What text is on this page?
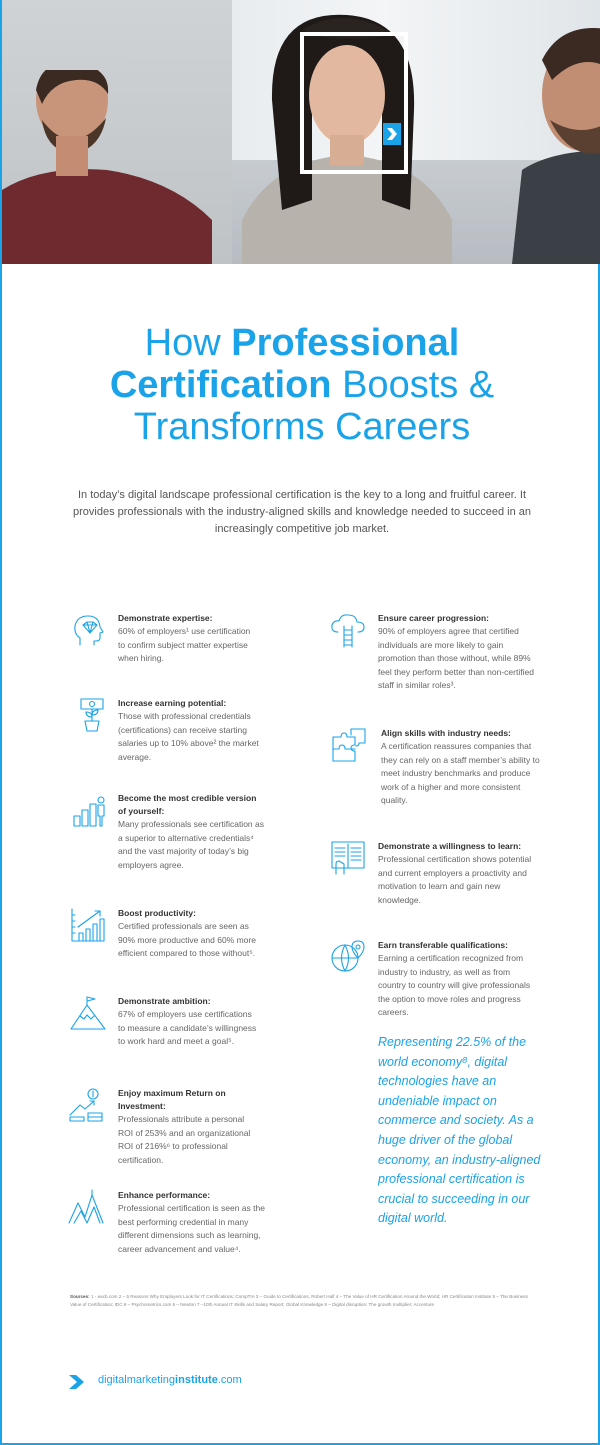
How Professional
Certification Boosts &
Transforms Careers
In today’s digital landscape professional certification is the key to a long and fruitful career. It provides professionals with the industry-aligned skills and knowledge needed to succeed in an increasingly competitive job market.
Demonstrate expertise:

60% of employers¹ use certification to confirm subject matter expertise when hiring.

Increase earning potential:

Those with professional credentials (certifications) can receive starting salaries up to 10% above² the market average.

Become the most credible version of yourself:

Many professionals see certification as a superior to alternative credentials⁴ and the vast majority of today’s big employers agree.

Boost productivity:

Certified professionals are seen as 90% more productive and 60% more efficient compared to those without⁵.

Demonstrate ambition:

67% of employers use certifications to measure a candidate’s willingness to work hard and meet a goal⁵.

Enjoy maximum Return on Investment:

Professionals attribute a personal ROI of 253% and an organizational ROI of 216%⁶ to professional certification.

Enhance performance:

Professional certification is seen as the best performing credential in many different dimensions such as learning, career advancement and value⁴.

Ensure career progression:

90% of employers agree that certified individuals are more likely to gain promotion than those without, while 89% feel they perform better than non-certified staff in similar roles³.

Align skills with industry needs:

A certification reassures companies that they can rely on a staff member’s ability to meet industry benchmarks and produce work of a higher and more consistent quality.

Demonstrate a willingness to learn:

Professional certification shows potential and current employers a proactivity and motivation to learn and gain new knowledge.

Earn transferable qualifications:

Earning a certification recognized from industry to industry, as well as from country to country will give professionals the option to move roles and progress careers.

Representing 22.5% of the world economy⁸, digital technologies have an undeniable impact on commerce and society. As a huge driver of the global economy, an industry-aligned professional certification is crucial to succeeding in our digital world.
Sources: 1 - eacb.com 2 – 5 Reasons Why Employers Look for IT Certifications; CompTIA 3 – Guide to Certifications, Robert Half 4 – The Value of HR Certification Around the World; HR Certification Institute 5 – The Business Value of Certification; IDC 6 – Psychometrics.com 6 – Newton 7 –10th Annual IT Skills and Salary Report; Global Knowledge 8 – Digital disruption: The growth multiplier; Accenture
digitalmarketinginstitute.com
